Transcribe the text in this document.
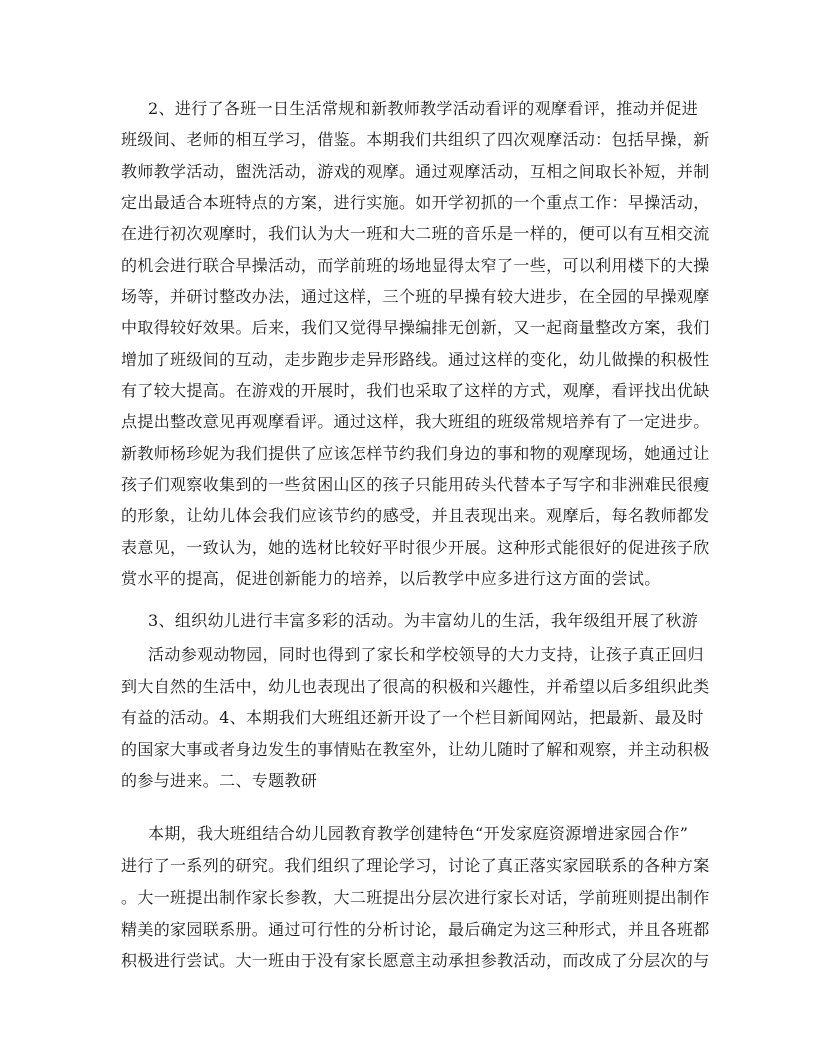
2、进行了各班一日生活常规和新教师教学活动看评的观摩看评，推动并促进
班级间、老师的相互学习，借鉴。本期我们共组织了四次观摩活动：包括早操，新
教师教学活动，盥洗活动，游戏的观摩。通过观摩活动，互相之间取长补短，并制
定出最适合本班特点的方案，进行实施。如开学初抓的一个重点工作：早操活动，
在进行初次观摩时，我们认为大一班和大二班的音乐是一样的，便可以有互相交流
的机会进行联合早操活动，而学前班的场地显得太窄了一些，可以利用楼下的大操
场等，并研讨整改办法，通过这样，三个班的早操有较大进步，在全园的早操观摩
中取得较好效果。后来，我们又觉得早操编排无创新，又一起商量整改方案，我们
增加了班级间的互动，走步跑步走异形路线。通过这样的变化，幼儿做操的积极性
有了较大提高。在游戏的开展时，我们也采取了这样的方式，观摩，看评找出优缺
点提出整改意见再观摩看评。通过这样，我大班组的班级常规培养有了一定进步。
新教师杨珍妮为我们提供了应该怎样节约我们身边的事和物的观摩现场，她通过让
孩子们观察收集到的一些贫困山区的孩子只能用砖头代替本子写字和非洲难民很瘦
的形象，让幼儿体会我们应该节约的感受，并且表现出来。观摩后，每名教师都发
表意见，一致认为，她的选材比较好平时很少开展。这种形式能很好的促进孩子欣
赏水平的提高，促进创新能力的培养，以后教学中应多进行这方面的尝试。
3、组织幼儿进行丰富多彩的活动。为丰富幼儿的生活，我年级组开展了秋游
活动参观动物园，同时也得到了家长和学校领导的大力支持，让孩子真正回归
到大自然的生活中，幼儿也表现出了很高的积极和兴趣性，并希望以后多组织此类
有益的活动。4、本期我们大班组还新开设了一个栏目新闻网站，把最新、最及时
的国家大事或者身边发生的事情贴在教室外，让幼儿随时了解和观察，并主动积极
的参与进来。二、专题教研
本期，我大班组结合幼儿园教育教学创建特色“开发家庭资源增进家园合作”
进行了一系列的研究。我们组织了理论学习，讨论了真正落实家园联系的各种方案
。大一班提出制作家长参教，大二班提出分层次进行家长对话，学前班则提出制作
精美的家园联系册。通过可行性的分析讨论，最后确定为这三种形式，并且各班都
积极进行尝试。大一班由于没有家长愿意主动承担参教活动，而改成了分层次的与
